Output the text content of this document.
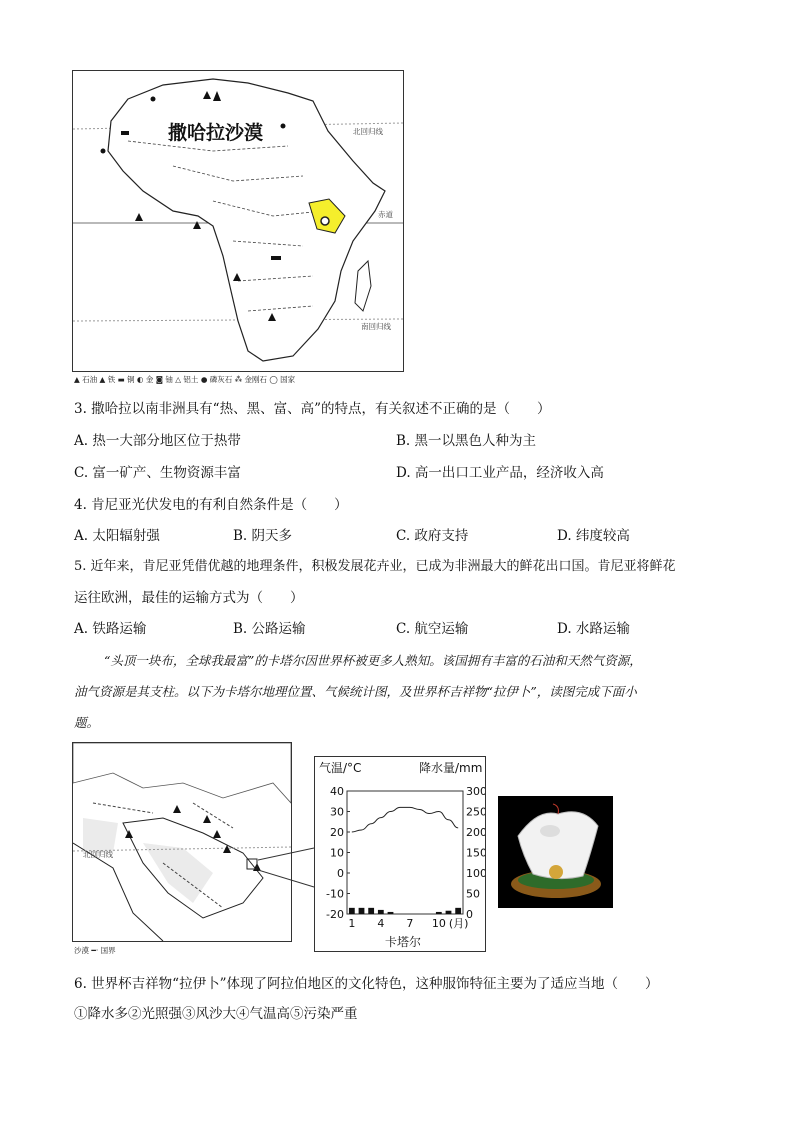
撒哈拉沙漠	北回归线
赤道
南回归线
▲ 石油 ▲ 铁 ▬ 铜 ◐ 金 ◙ 铀 △ 铝土 ● 磷灰石 ⁂ 金刚石 ◯ 国家
3. 撒哈拉以南非洲具有“热、黑、富、高”的特点，有关叙述不正确的是（　　）
A. 热一大部分地区位于热带	B. 黑一以黑色人种为主
C. 富一矿产、生物资源丰富	D. 高一出口工业产品，经济收入高
4. 肯尼亚光伏发电的有利自然条件是（　　）
A. 太阳辐射强	B. 阴天多	C. 政府支持	D. 纬度较高
5. 近年来，肯尼亚凭借优越的地理条件，积极发展花卉业，已成为非洲最大的鲜花出口国。肯尼亚将鲜花
运往欧洲，最佳的运输方式为（　　）
A. 铁路运输	B. 公路运输	C. 航空运输	D. 水路运输
“头顶一块布，全球我最富”的卡塔尔因世界杯被更多人熟知。该国拥有丰富的石油和天然气资源，
油气资源是其支柱。以下为卡塔尔地理位置、气候统计图，及世界杯吉祥物“拉伊卜”，读图完成下面小
题。
北回归线
沙漠 ━· 国界
40
30
20
10
0
-10
-20
300
250
200
150
100
50
0
1 4 7 10 (月)
气温/°C	降水量/mm
卡塔尔
6. 世界杯吉祥物“拉伊卜”体现了阿拉伯地区的文化特色，这种服饰特征主要为了适应当地（　　）
①降水多②光照强③风沙大④气温高⑤污染严重
